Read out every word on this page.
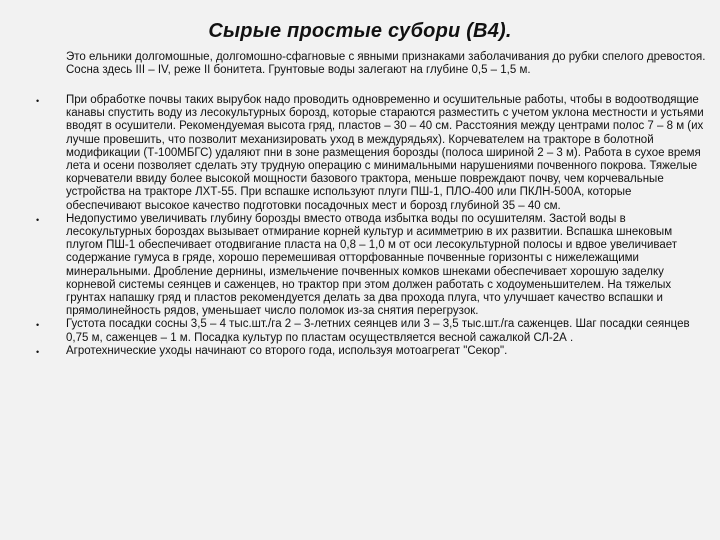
Сырые простые субори (В4).

Это ельники долгомошные, долгомошно-сфагновые с явными признаками заболачивания до рубки спелого древостоя. Сосна здесь III – IV, реже II бонитета. Грунтовые воды залегают на глубине 0,5 – 1,5 м.

• При обработке почвы таких вырубок надо проводить одновременно и осушительные работы, чтобы в водоотводящие канавы спустить воду из лесокультурных борозд, которые стараются разместить с учетом уклона местности и устьями вводят в осушители. Рекомендуемая высота гряд, пластов – 30 – 40 см. Расстояния между центрами полос 7 – 8 м (их лучше провешить, что позволит механизировать уход в междурядьях). Корчевателем на тракторе в болотной модификации (Т-100МБГС) удаляют пни в зоне размещения борозды (полоса шириной 2 – 3 м). Работа в сухое время лета и осени позволяет сделать эту трудную операцию с минимальными нарушениями почвенного покрова. Тяжелые корчеватели ввиду более высокой мощности базового трактора, меньше повреждают почву, чем корчевальные устройства на тракторе ЛХТ-55. При вспашке используют плуги ПШ-1, ПЛО-400 или ПКЛН-500А, которые обеспечивают высокое качество подготовки посадочных мест и борозд глубиной 35 – 40 см.
• Недопустимо увеличивать глубину борозды вместо отвода избытка воды по осушителям. Застой воды в лесокультурных бороздах вызывает отмирание корней культур и асимметрию в их развитии. Вспашка шнековым плугом ПШ-1 обеспечивает отодвигание пласта на 0,8 – 1,0 м от оси лесокультурной полосы и вдвое увеличивает содержание гумуса в гряде, хорошо перемешивая отторфованные почвенные горизонты с нижележащими минеральными. Дробление дернины, измельчение почвенных комков шнеками обеспечивает хорошую заделку корневой системы сеянцев и саженцев, но трактор при этом должен работать с ходоуменьшителем. На тяжелых грунтах напашку гряд и пластов рекомендуется делать за два прохода плуга, что улучшает качество вспашки и прямолинейность рядов, уменьшает число поломок из-за снятия перегрузок.
• Густота посадки сосны 3,5 – 4 тыс.шт./га 2 – 3-летних сеянцев или 3 – 3,5 тыс.шт./га саженцев. Шаг посадки сеянцев 0,75 м, саженцев – 1 м. Посадка культур по пластам осуществляется весной сажалкой СЛ-2А .
• Агротехнические уходы начинают со второго года, используя мотоагрегат "Секор".
